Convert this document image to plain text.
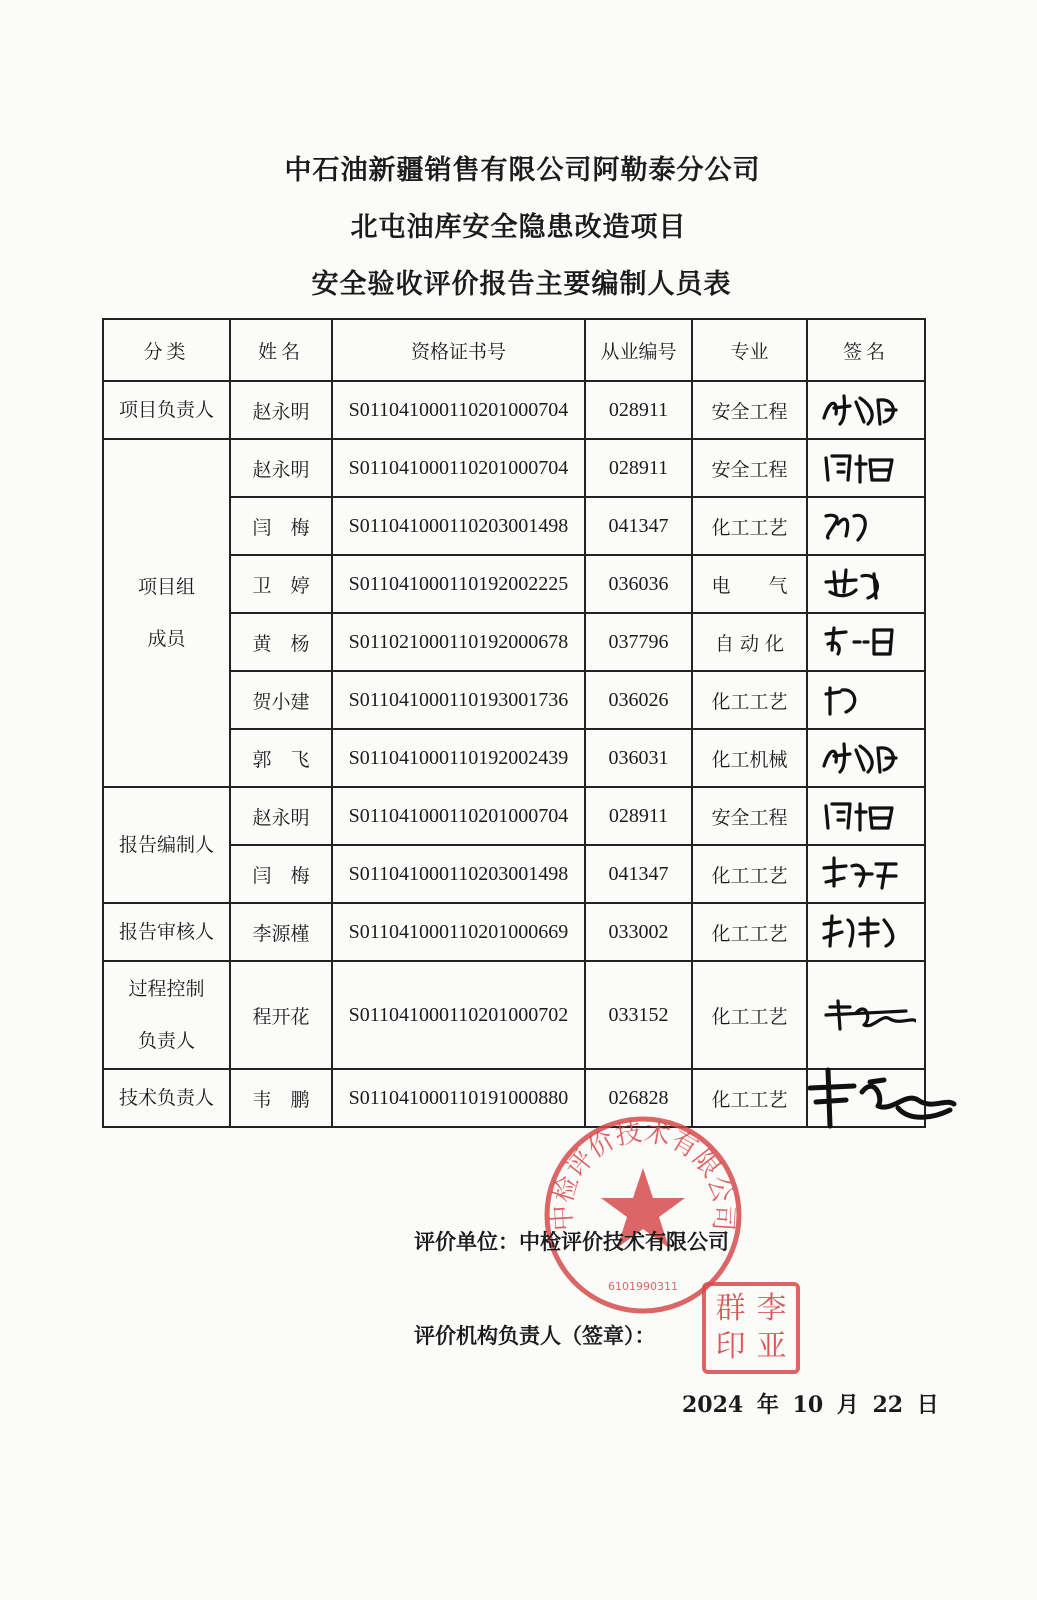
中石油新疆销售有限公司阿勒泰分公司
北屯油库安全隐患改造项目
安全验收评价报告主要编制人员表
分类	姓名	资格证书号	从业编号	专业	签名

项目负责人	赵永明	S011041000110201000704	028911	安全工程	

项目组
成员	赵永明	S011041000110201000704	028911	安全工程	

	闫　梅	S011041000110203001498	041347	化工工艺	

	卫　婷	S011041000110192002225	036036	电　　气	

	黄　杨	S011021000110192000678	037796	自 动 化	

	贺小建	S011041000110193001736	036026	化工工艺	

	郭　飞	S011041000110192002439	036031	化工机械	

报告编制人	赵永明	S011041000110201000704	028911	安全工程	

	闫　梅	S011041000110203001498	041347	化工工艺	

报告审核人	李源槿	S011041000110201000669	033002	化工工艺	

过程控制
负责人	程开花	S011041000110201000702	033152	化工工艺	

技术负责人	韦　鹏	S011041000110191000880	026828	化工工艺	
中检评价技术有限公司
6101990311
评价单位：中检评价技术有限公司
评价机构负责人（签章）：
群 李
印 亚
2024 年 10 月 22 日
